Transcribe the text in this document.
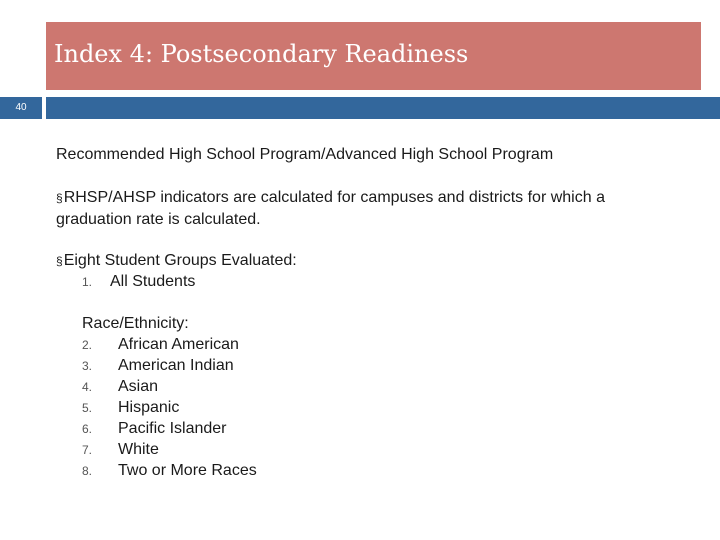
Index 4: Postsecondary Readiness
40
Recommended High School Program/Advanced High School Program
§RHSP/AHSP indicators are calculated for campuses and districts for which a graduation rate is calculated.
§Eight Student Groups Evaluated:
1. All Students
Race/Ethnicity:
2. African American
3. American Indian
4. Asian
5. Hispanic
6. Pacific Islander
7. White
8. Two or More Races
